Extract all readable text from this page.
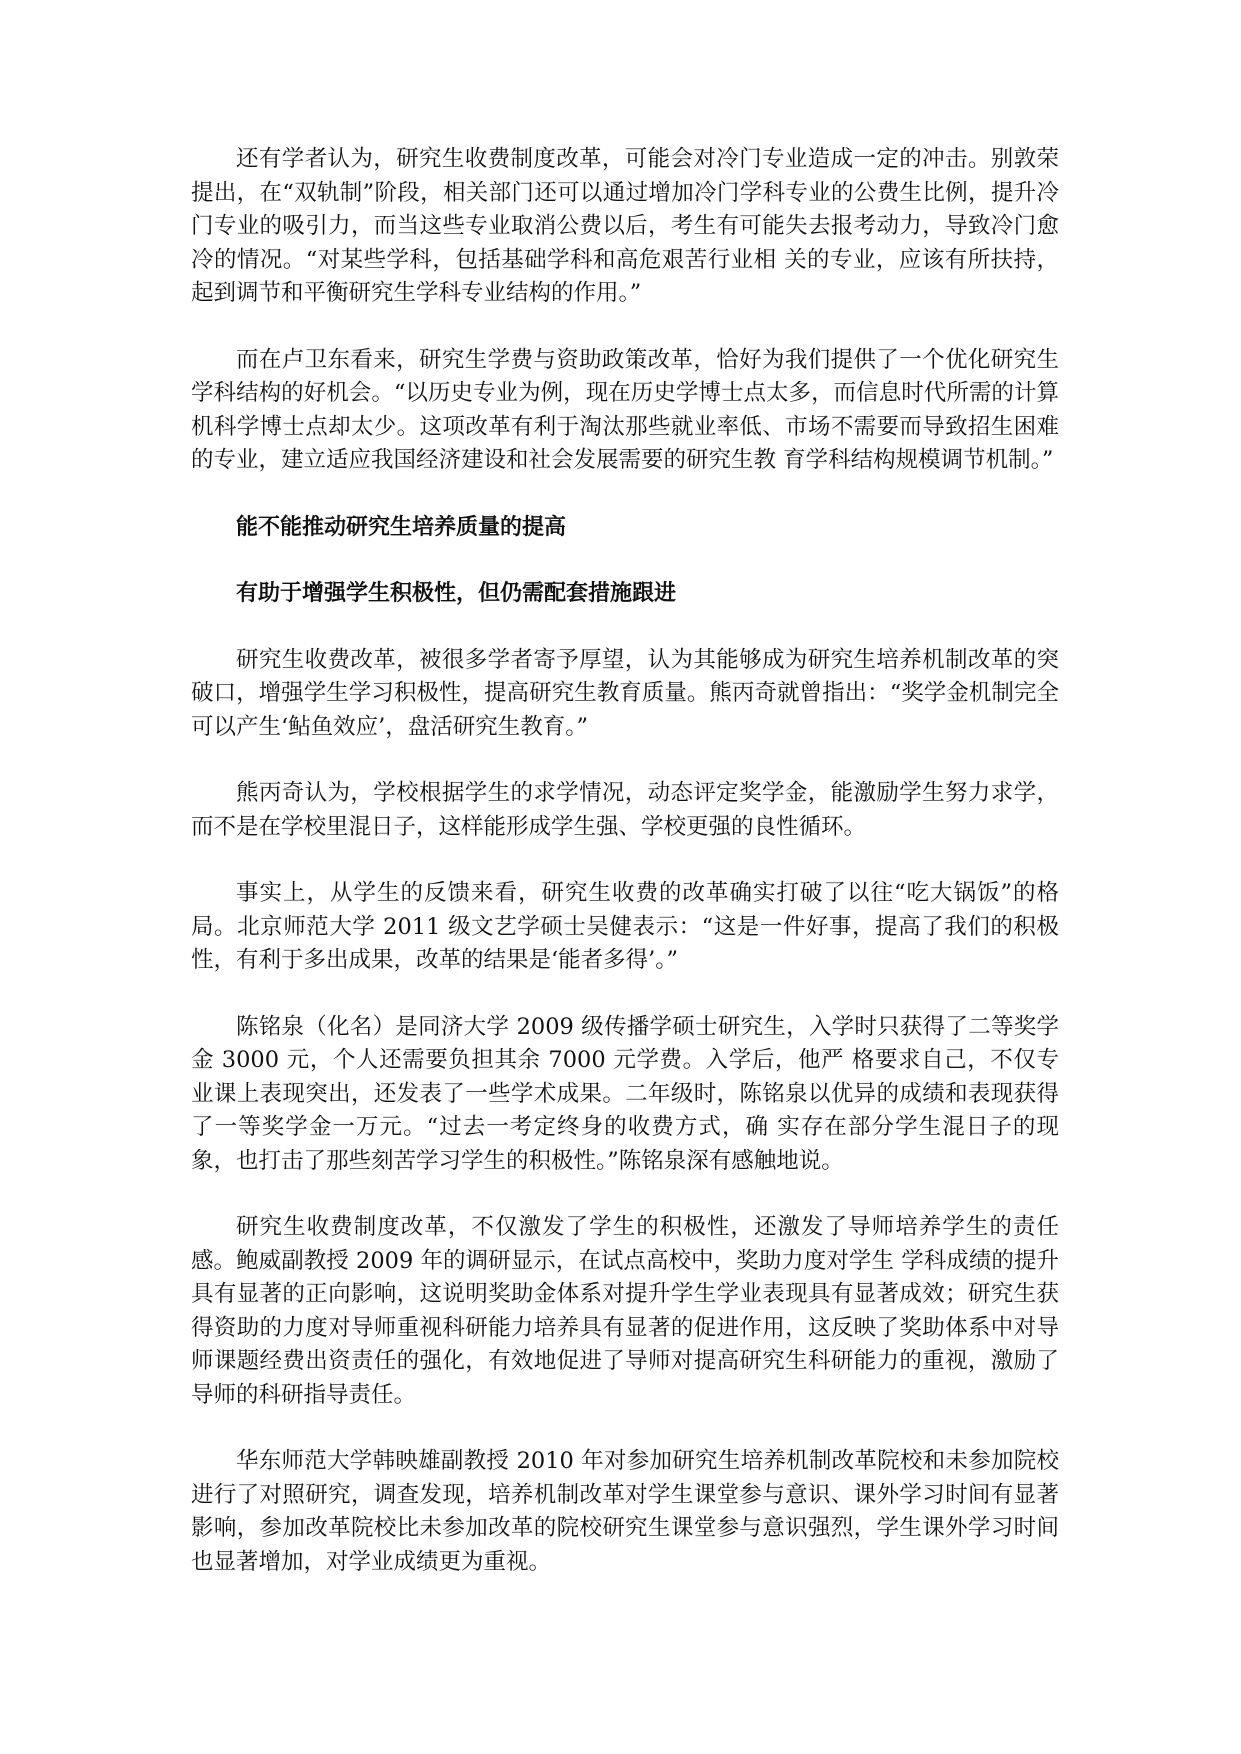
还有学者认为，研究生收费制度改革，可能会对冷门专业造成一定的冲击。别敦荣提出，在“双轨制”阶段，相关部门还可以通过增加冷门学科专业的公费生比例，提升冷门专业的吸引力，而当这些专业取消公费以后，考生有可能失去报考动力，导致冷门愈冷的情况。“对某些学科，包括基础学科和高危艰苦行业相 关的专业，应该有所扶持，起到调节和平衡研究生学科专业结构的作用。”

而在卢卫东看来，研究生学费与资助政策改革，恰好为我们提供了一个优化研究生学科结构的好机会。“以历史专业为例，现在历史学博士点太多，而信息时代所需的计算机科学博士点却太少。这项改革有利于淘汰那些就业率低、市场不需要而导致招生困难的专业，建立适应我国经济建设和社会发展需要的研究生教 育学科结构规模调节机制。”

能不能推动研究生培养质量的提高

有助于增强学生积极性，但仍需配套措施跟进

研究生收费改革，被很多学者寄予厚望，认为其能够成为研究生培养机制改革的突破口，增强学生学习积极性，提高研究生教育质量。熊丙奇就曾指出：“奖学金机制完全可以产生‘鲇鱼效应’，盘活研究生教育。”

熊丙奇认为，学校根据学生的求学情况，动态评定奖学金，能激励学生努力求学，而不是在学校里混日子，这样能形成学生强、学校更强的良性循环。

事实上，从学生的反馈来看，研究生收费的改革确实打破了以往“吃大锅饭”的格局。北京师范大学 2011 级文艺学硕士吴健表示：“这是一件好事，提高了我们的积极性，有利于多出成果，改革的结果是‘能者多得’。”

陈铭泉（化名）是同济大学 2009 级传播学硕士研究生，入学时只获得了二等奖学金 3000 元，个人还需要负担其余 7000 元学费。入学后，他严 格要求自己，不仅专业课上表现突出，还发表了一些学术成果。二年级时，陈铭泉以优异的成绩和表现获得了一等奖学金一万元。“过去一考定终身的收费方式，确 实存在部分学生混日子的现象，也打击了那些刻苦学习学生的积极性。”陈铭泉深有感触地说。

研究生收费制度改革，不仅激发了学生的积极性，还激发了导师培养学生的责任感。鲍威副教授 2009 年的调研显示，在试点高校中，奖助力度对学生 学科成绩的提升具有显著的正向影响，这说明奖助金体系对提升学生学业表现具有显著成效；研究生获得资助的力度对导师重视科研能力培养具有显著的促进作用，这反映了奖助体系中对导师课题经费出资责任的强化，有效地促进了导师对提高研究生科研能力的重视，激励了导师的科研指导责任。

华东师范大学韩映雄副教授 2010 年对参加研究生培养机制改革院校和未参加院校进行了对照研究，调查发现，培养机制改革对学生课堂参与意识、课外学习时间有显著影响，参加改革院校比未参加改革的院校研究生课堂参与意识强烈，学生课外学习时间也显著增加，对学业成绩更为重视。
